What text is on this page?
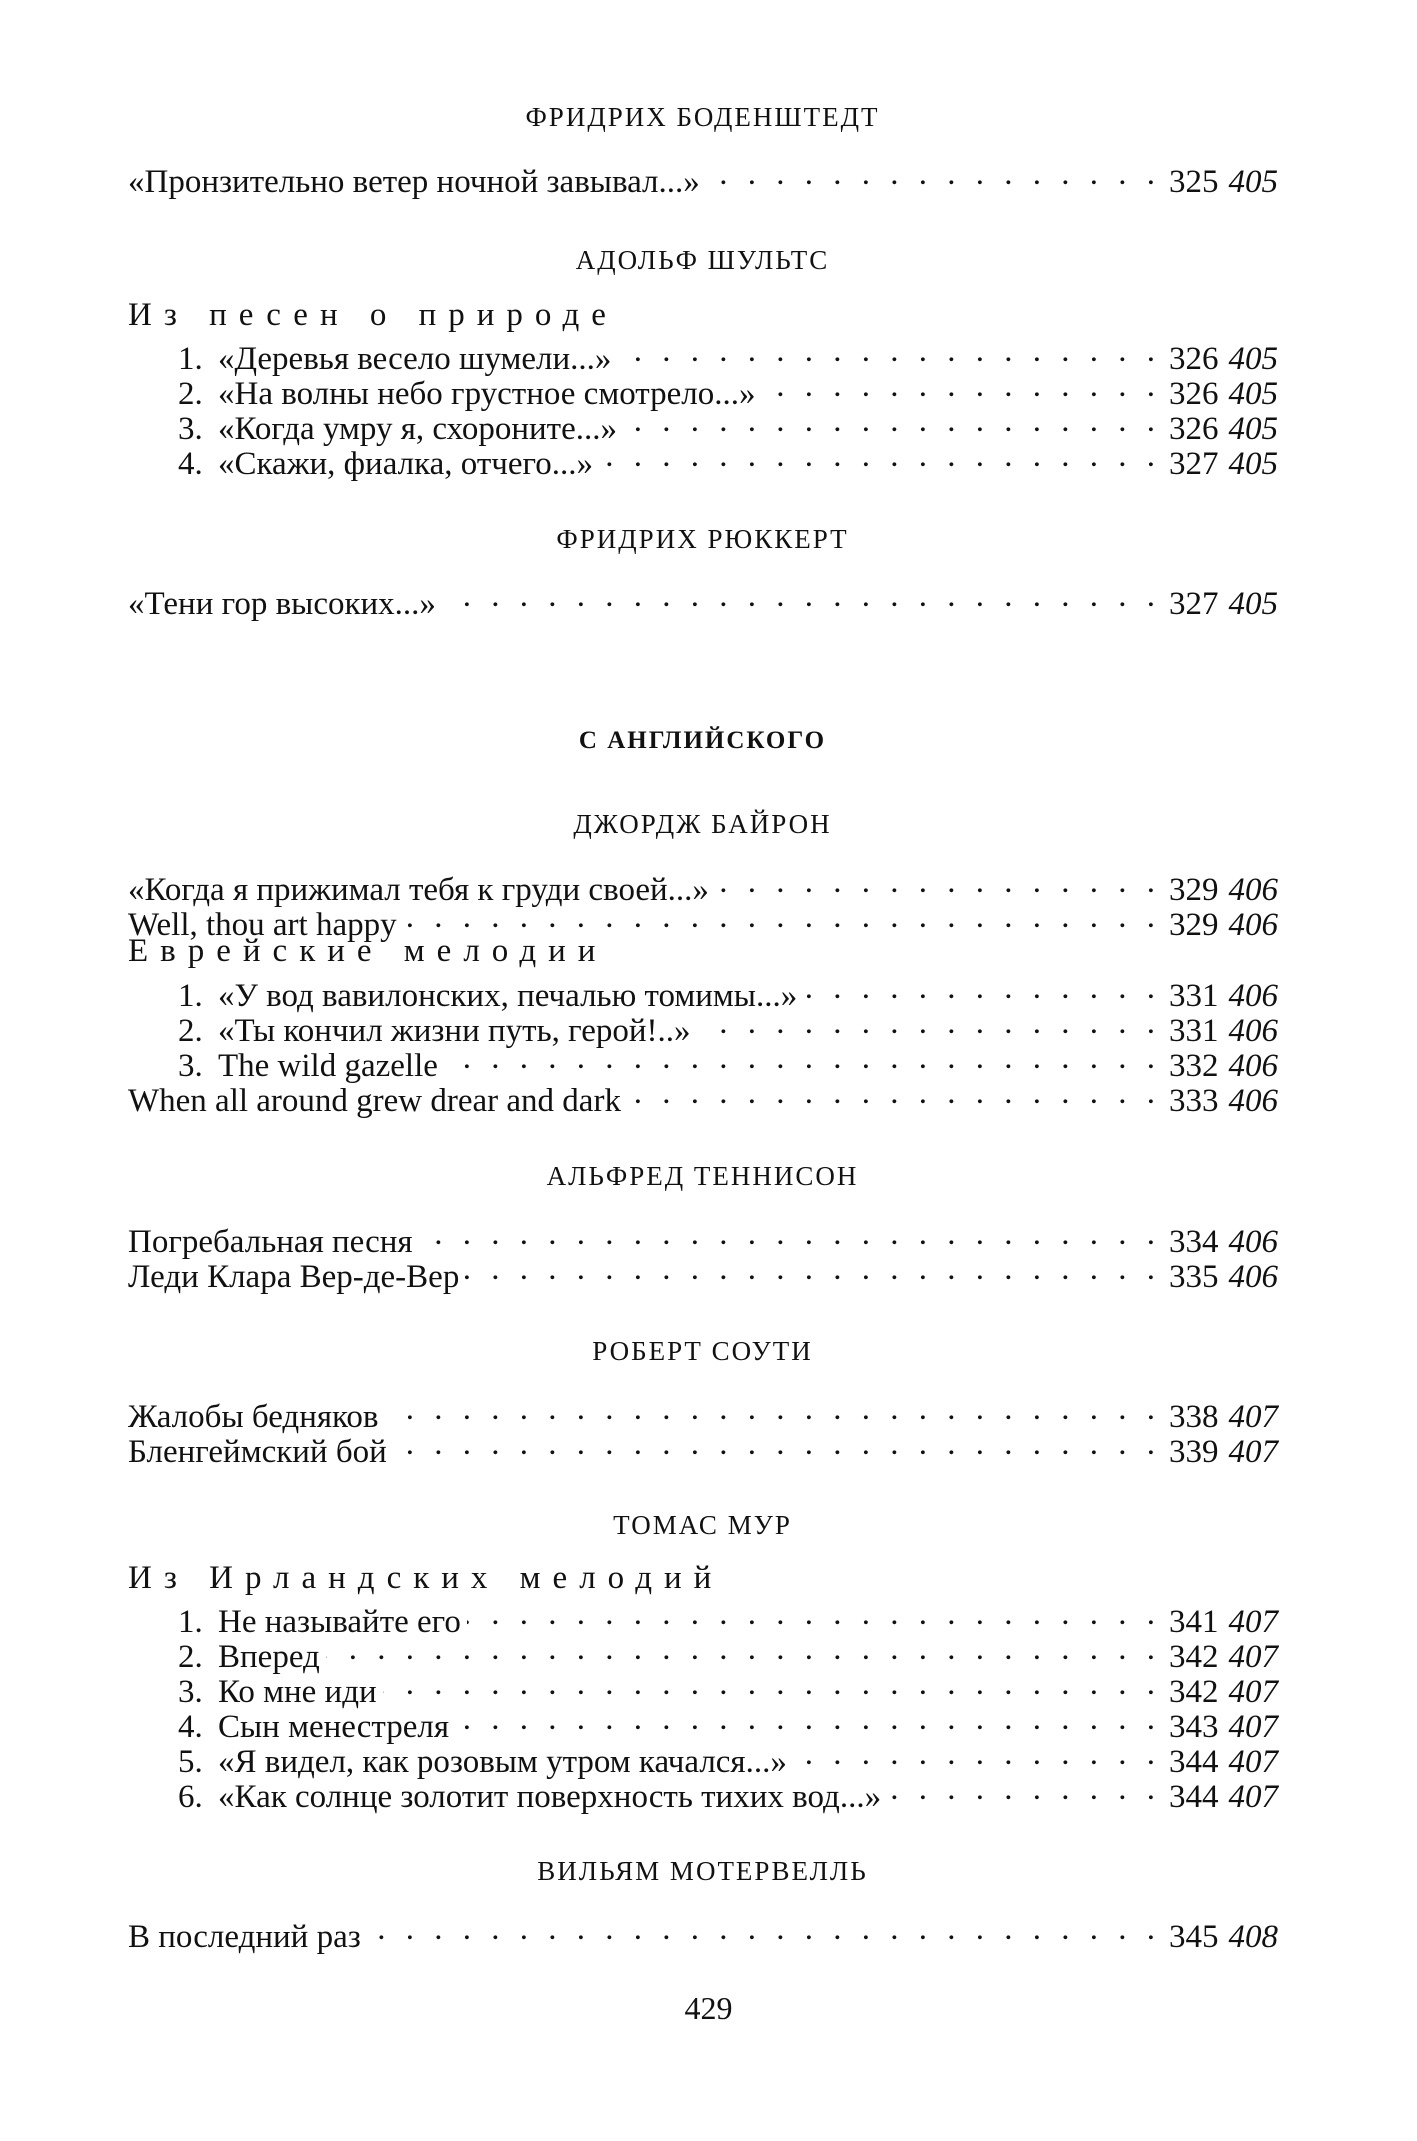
ФРИДРИХ БОДЕНШТЕДТ
«Пронзительно ветер ночной завывал...» . . .	325 405
АДОЛЬФ ШУЛЬТС
Из песен о природе
1. «Деревья весело шумели...» . . .	326 405
2. «На волны небо грустное смотрело...» . . .	326 405
3. «Когда умру я, схороните...» . . .	326 405
4. «Скажи, фиалка, отчего...» . . .	327 405
ФРИДРИХ РЮККЕРТ
«Тени гор высоких...» . . .	327 405
С АНГЛИЙСКОГО
ДЖОРДЖ БАЙРОН
«Когда я прижимал тебя к груди своей...» . . .	329 406
Well, thou art happy . . .	329 406
Еврейские мелодии
1. «У вод вавилонских, печалью томимы...» . . .	331 406
2. «Ты кончил жизни путь, герой!..» . . .	331 406
3. The wild gazelle . . .	332 406
When all around grew drear and dark . . .	333 406
АЛЬФРЕД ТЕННИСОН
Погребальная песня . . .	334 406
Леди Клара Вер-де-Вер . . .	335 406
РОБЕРТ СОУТИ
Жалобы бедняков . . .	338 407
Бленгеймский бой . . .	339 407
ТОМАС МУР
Из Ирландских мелодий
1. Не называйте его . . .	341 407
2. Вперед . . .	342 407
3. Ко мне иди . . .	342 407
4. Сын менестреля . . .	343 407
5. «Я видел, как розовым утром качался...» . . .	344 407
6. «Как солнце золотит поверхность тихих вод...» . . .	344 407
ВИЛЬЯМ МОТЕРВЕЛЛЬ
В последний раз . . .	345 408
429
